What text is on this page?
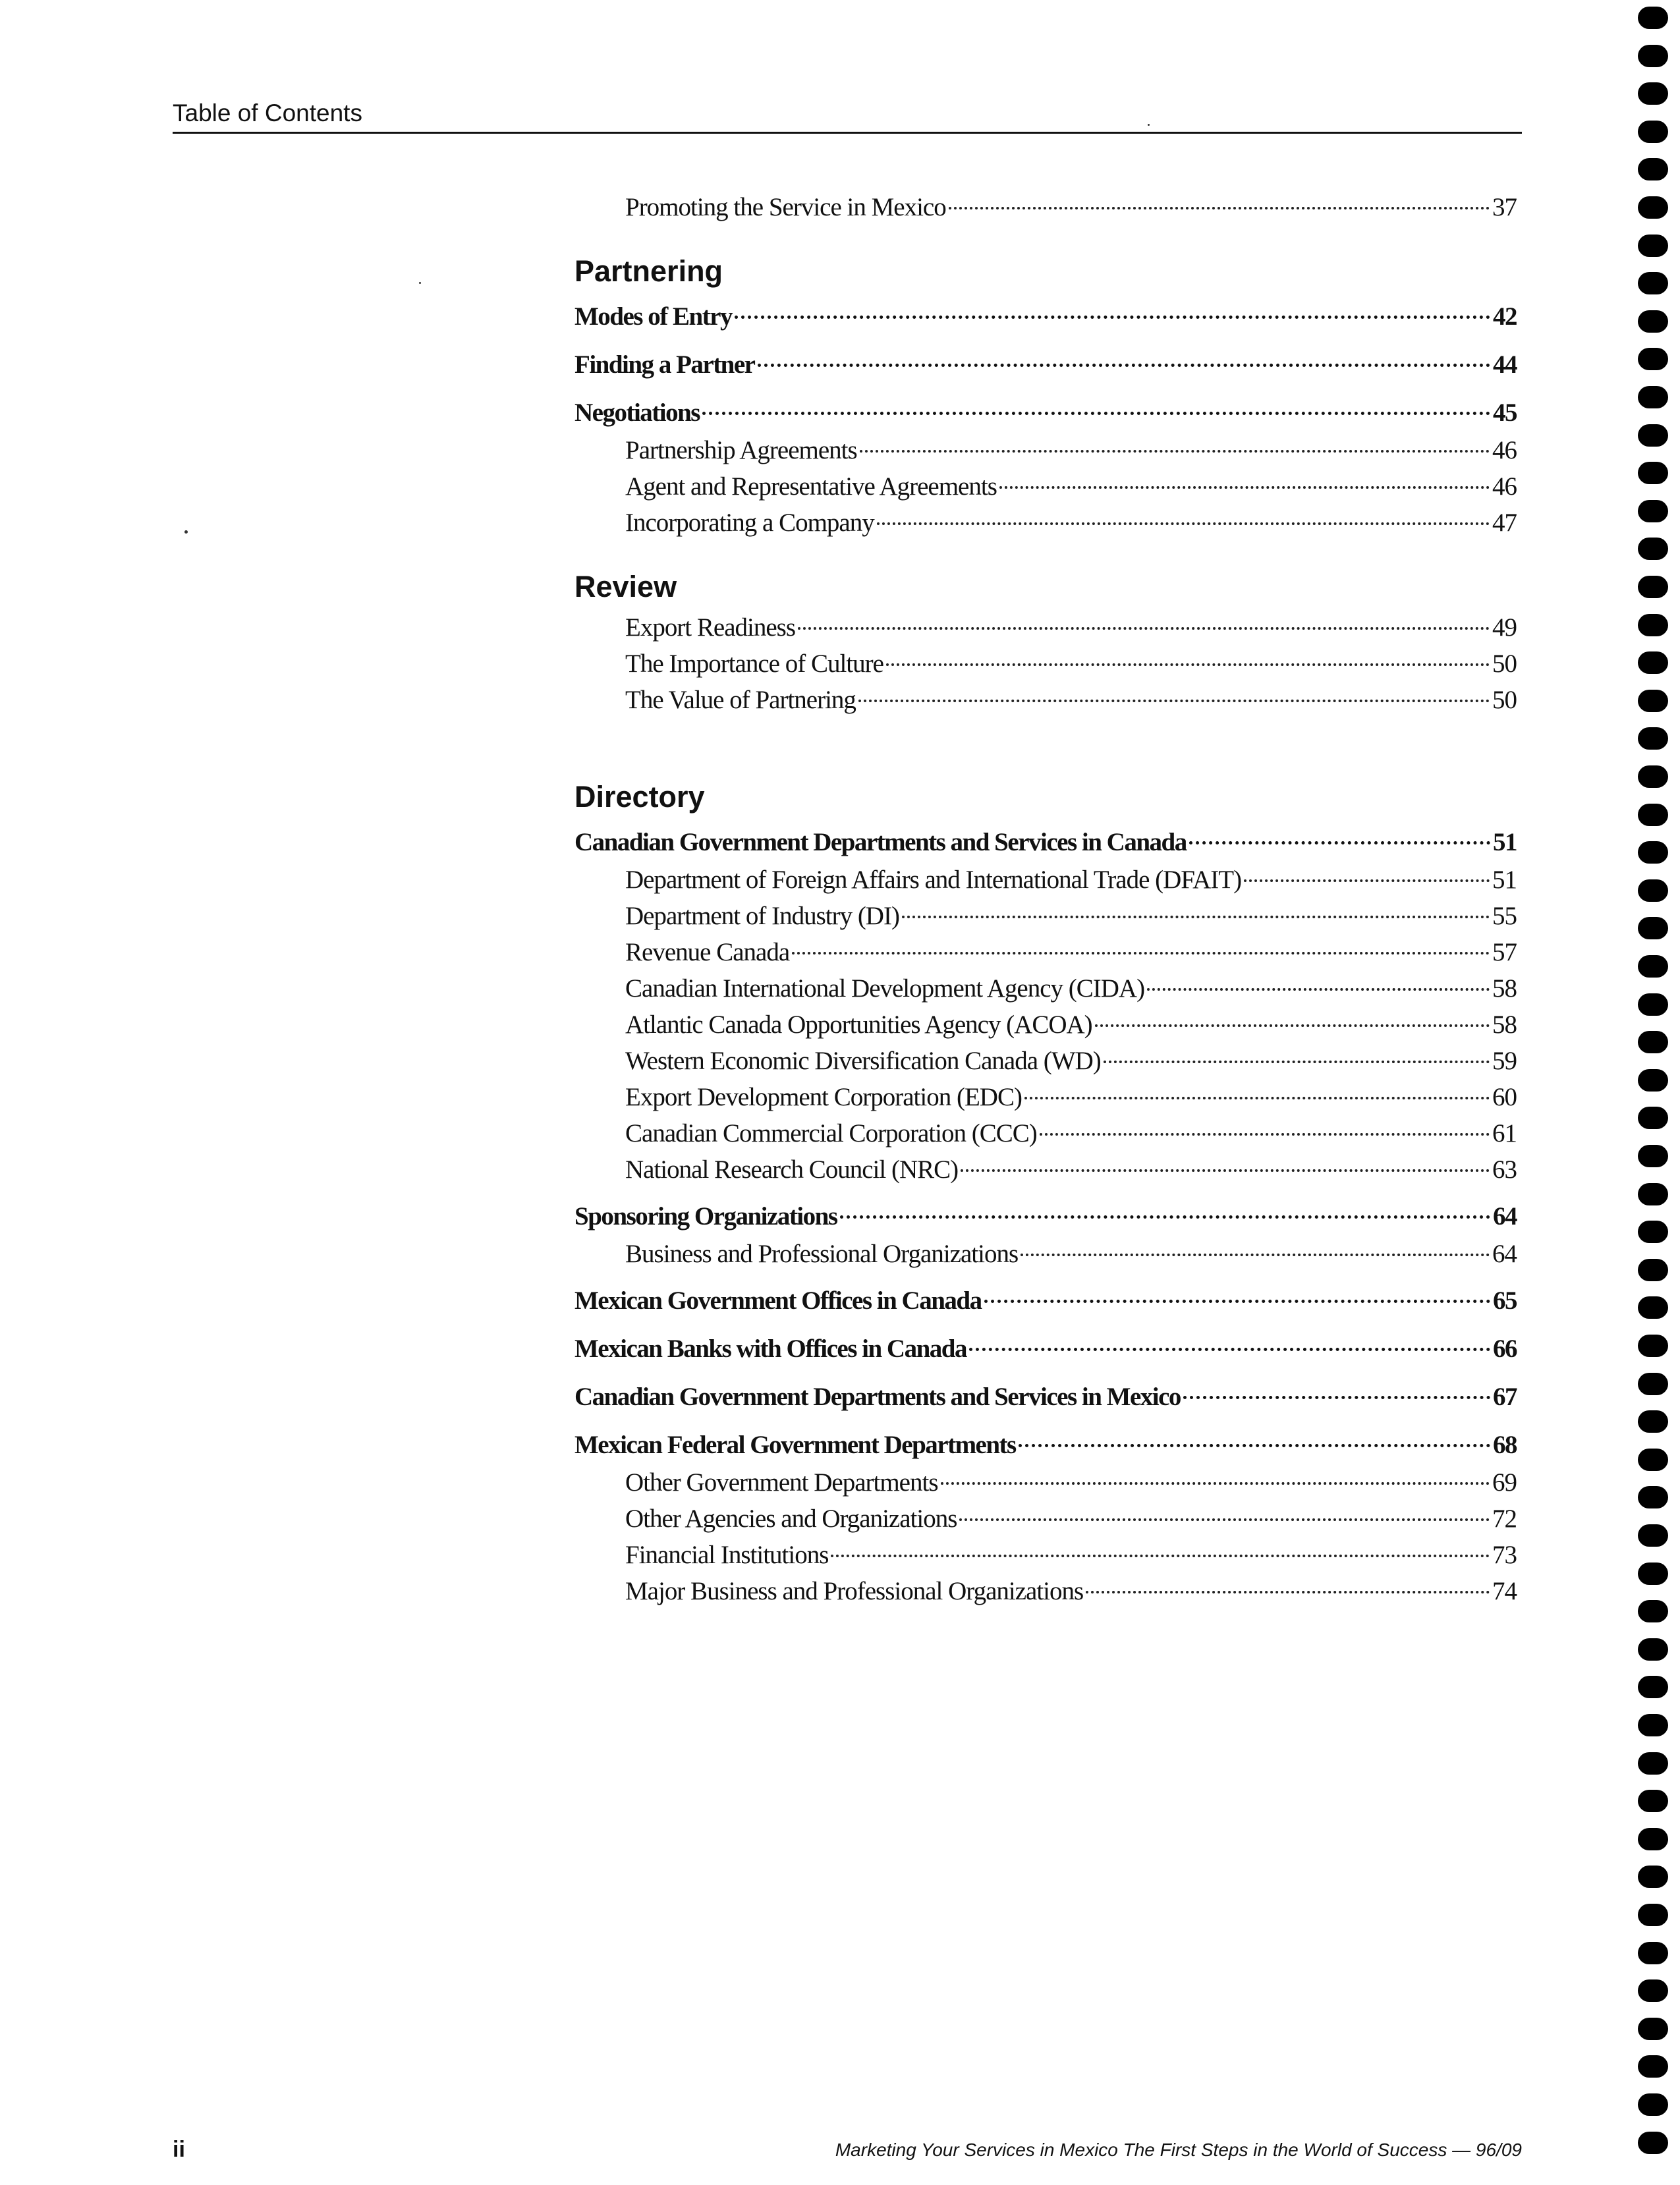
Table of Contents
Promoting the Service in Mexico	37
Partnering
Modes of Entry	42
Finding a Partner	44
Negotiations	45
Partnership Agreements	46
Agent and Representative Agreements	46
Incorporating a Company	47
Review
Export Readiness	49
The Importance of Culture	50
The Value of Partnering	50
Directory
Canadian Government Departments and Services in Canada	51
Department of Foreign Affairs and International Trade (DFAIT)	51
Department of Industry (DI)	55
Revenue Canada	57
Canadian International Development Agency (CIDA)	58
Atlantic Canada Opportunities Agency (ACOA)	58
Western Economic Diversification Canada (WD)	59
Export Development Corporation (EDC)	60
Canadian Commercial Corporation (CCC)	61
National Research Council (NRC)	63
Sponsoring Organizations	64
Business and Professional Organizations	64
Mexican Government Offices in Canada	65
Mexican Banks with Offices in Canada	66
Canadian Government Departments and Services in Mexico	67
Mexican Federal Government Departments	68
Other Government Departments	69
Other Agencies and Organizations	72
Financial Institutions	73
Major Business and Professional Organizations	74
ii	Marketing Your Services in Mexico The First Steps in the World of Success — 96/09
